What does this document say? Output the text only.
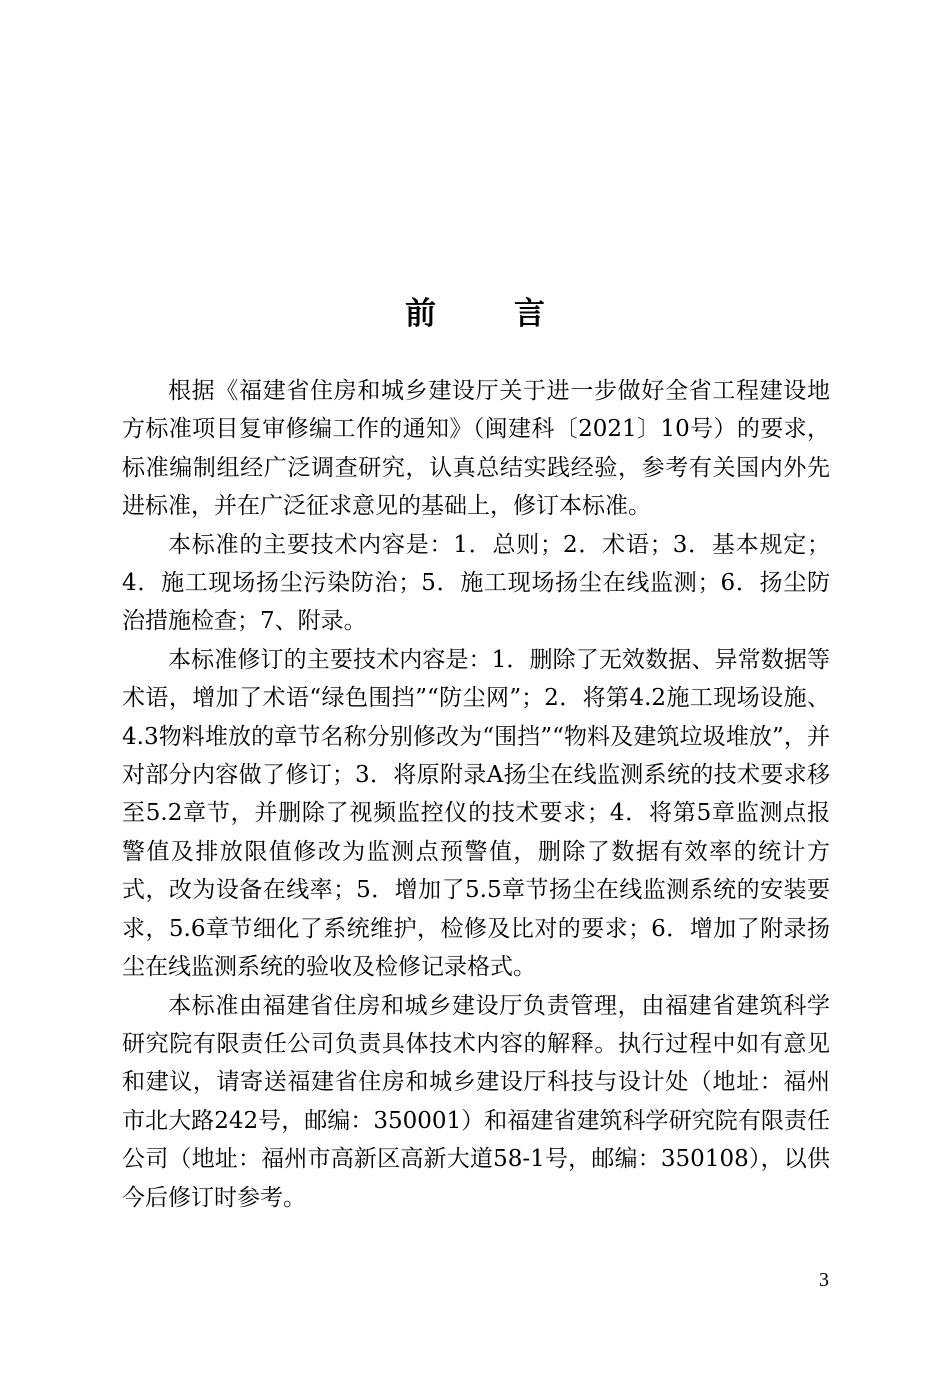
前言

根据《福建省住房和城乡建设厅关于进一步做好全省工程建设地方标准项目复审修编工作的通知》（闽建科〔2021〕10号）的要求，标准编制组经广泛调查研究，认真总结实践经验，参考有关国内外先进标准，并在广泛征求意见的基础上，修订本标准。

本标准的主要技术内容是：1．总则；2．术语；3．基本规定；4．施工现场扬尘污染防治；5．施工现场扬尘在线监测；6．扬尘防治措施检查；7、附录。

本标准修订的主要技术内容是：1．删除了无效数据、异常数据等术语，增加了术语“绿色围挡”“防尘网”；2．将第4.2施工现场设施、4.3物料堆放的章节名称分别修改为“围挡”“物料及建筑垃圾堆放”，并对部分内容做了修订；3．将原附录A扬尘在线监测系统的技术要求移至5.2章节，并删除了视频监控仪的技术要求；4．将第5章监测点报警值及排放限值修改为监测点预警值，删除了数据有效率的统计方式，改为设备在线率；5．增加了5.5章节扬尘在线监测系统的安装要求，5.6章节细化了系统维护，检修及比对的要求；6．增加了附录扬尘在线监测系统的验收及检修记录格式。

本标准由福建省住房和城乡建设厅负责管理，由福建省建筑科学研究院有限责任公司负责具体技术内容的解释。执行过程中如有意见和建议，请寄送福建省住房和城乡建设厅科技与设计处（地址：福州市北大路242号，邮编：350001）和福建省建筑科学研究院有限责任公司（地址：福州市高新区高新大道58-1号，邮编：350108），以供今后修订时参考。

3
